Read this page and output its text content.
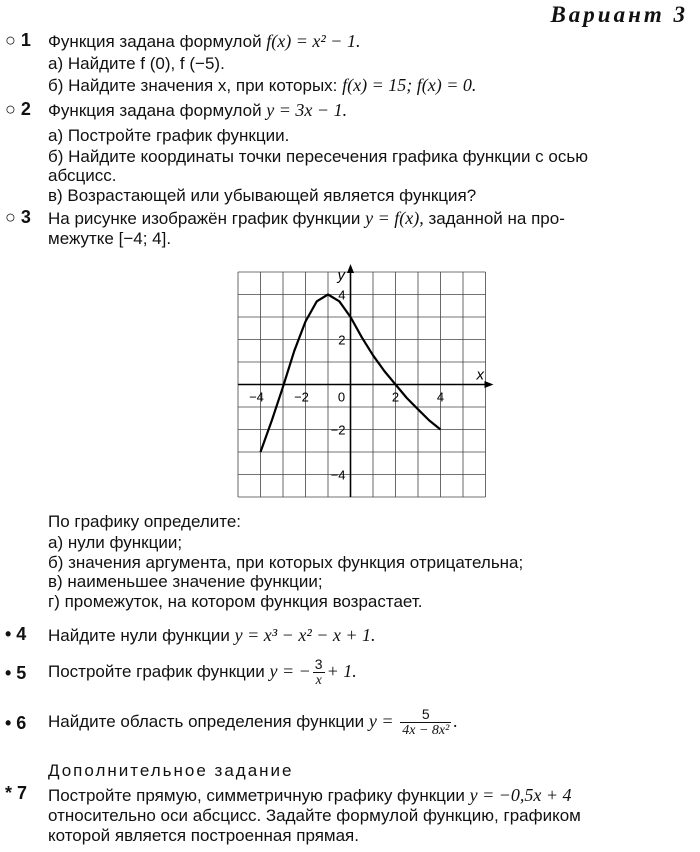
Вариант 3
○ 1 Функция задана формулой f(x) = x² − 1.
а) Найдите f (0), f (−5).
б) Найдите значения x, при которых: f(x) = 15; f(x) = 0.
○ 2 Функция задана формулой y = 3x − 1.
а) Постройте график функции.
б) Найдите координаты точки пересечения графика функции с осью
абсцисс.
в) Возрастающей или убывающей является функция?
○ 3 На рисунке изображён график функции y = f(x), заданной на про-
межутке [−4; 4].
x
y
−4 −2 0	2	4
4
2
−2
−4
По графику определите:
а) нули функции;
б) значения аргумента, при которых функция отрицательна;
в) наименьшее значение функции;
г) промежуток, на котором функция возрастает.
• 4 Найдите нули функции y = x³ − x² − x + 1.
• 5 Постройте график функции y = − $\frac{3}{x} + 1$.
• 6 Найдите область определения функции $y = \frac{5}{\text{4x − 8x²}}$ .
Дополнительное задание
* 7 Постройте прямую, симметричную графику функции y = −0,5x + 4
относительно оси абсцисс. Задайте формулой функцию, графиком
которой является построенная прямая.
